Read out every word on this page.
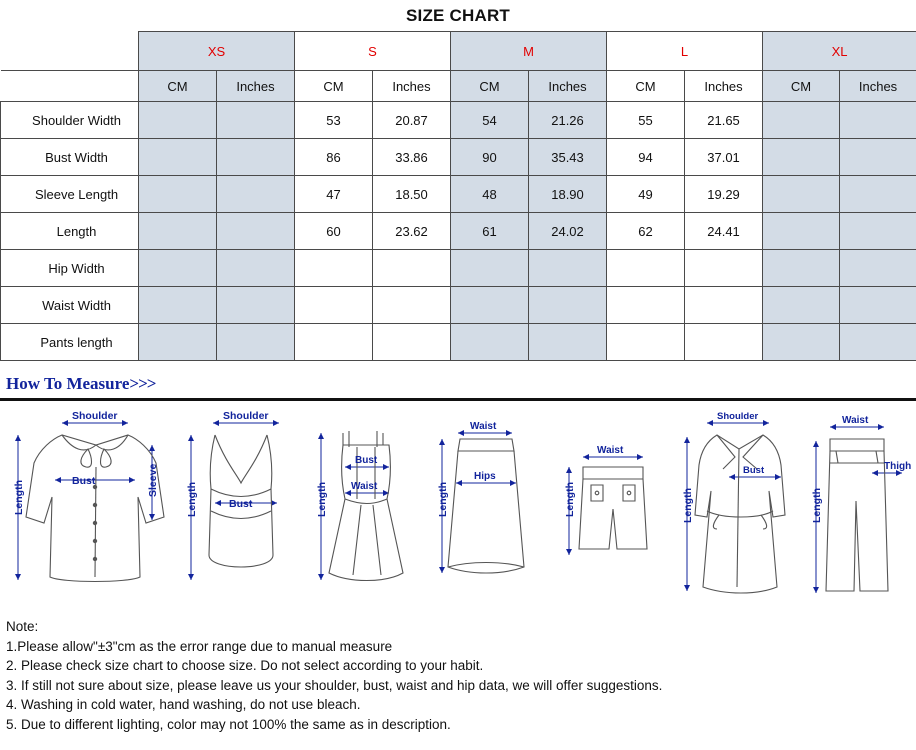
SIZE CHART
	XS		S		M		L		XL	
	CM	Inches	CM	Inches	CM	Inches	CM	Inches	CM	Inches
Shoulder Width			53	20.87	54	21.26	55	21.65		
Bust Width			86	33.86	90	35.43	94	37.01		
Sleeve Length			47	18.50	48	18.90	49	19.29		
Length			60	23.62	61	24.02	62	24.41		
Hip Width										
Waist Width										
Pants length										
How To Measure>>>
Shoulder
Bust
Length	Sleeve
Shoulder
Bust
Length
Bust
Waist
Length
Waist
Hips
Length
Waist
Length
Shoulder
Bust
Length
Waist
Thigh
Length
Note:
1.Please allow"±3"cm as the error range due to manual measure
2. Please check size chart to choose size. Do not select according to your habit.
3. If still not sure about size, please leave us your shoulder, bust, waist and hip data, we will offer suggestions.
4. Washing in cold water, hand washing, do not use bleach.
5. Due to different lighting, color may not 100% the same as in description.
